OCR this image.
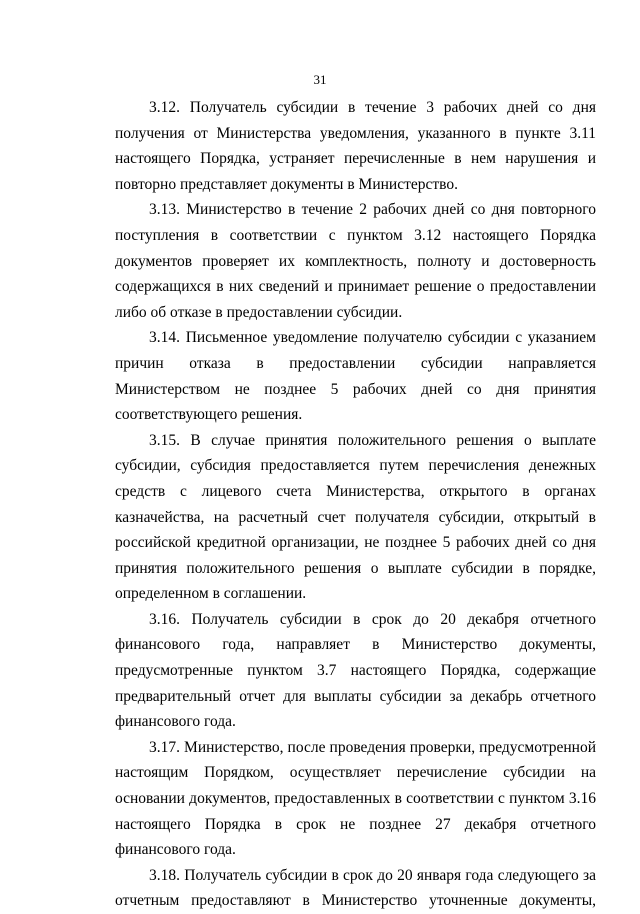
31

3.12. Получатель субсидии в течение 3 рабочих дней со дня получения от Министерства уведомления, указанного в пункте 3.11 настоящего Порядка, устраняет перечисленные в нем нарушения и повторно представляет документы в Министерство.

3.13. Министерство в течение 2 рабочих дней со дня повторного поступления в соответствии с пунктом 3.12 настоящего Порядка документов проверяет их комплектность, полноту и достоверность содержащихся в них сведений и принимает решение о предоставлении либо об отказе в предоставлении субсидии.

3.14. Письменное уведомление получателю субсидии с указанием причин отказа в предоставлении субсидии направляется Министерством не позднее 5 рабочих дней со дня принятия соответствующего решения.

3.15. В случае принятия положительного решения о выплате субсидии, субсидия предоставляется путем перечисления денежных средств с лицевого счета Министерства, открытого в органах казначейства, на расчетный счет получателя субсидии, открытый в российской кредитной организации, не позднее 5 рабочих дней со дня принятия положительного решения о выплате субсидии в порядке, определенном в соглашении.

3.16. Получатель субсидии в срок до 20 декабря отчетного финансового года, направляет в Министерство документы, предусмотренные пунктом 3.7 настоящего Порядка, содержащие предварительный отчет для выплаты субсидии за декабрь отчетного финансового года.

3.17. Министерство, после проведения проверки, предусмотренной настоящим Порядком, осуществляет перечисление субсидии на основании документов, предоставленных в соответствии с пунктом 3.16 настоящего Порядка в срок не позднее 27 декабря отчетного финансового года.

3.18. Получатель субсидии в срок до 20 января года следующего за отчетным предоставляют в Министерство уточненные документы,
